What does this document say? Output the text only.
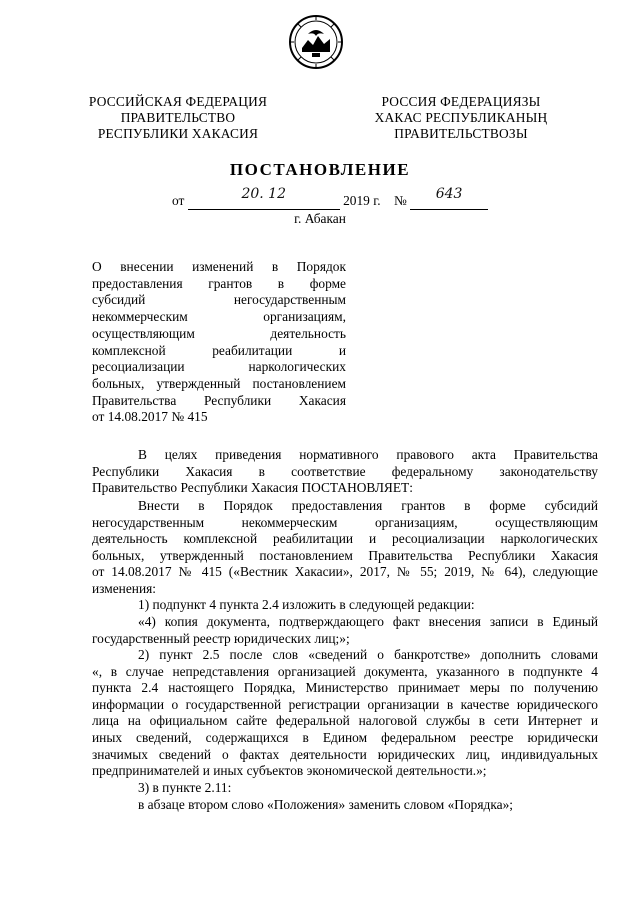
РОССИЙСКАЯ ФЕДЕРАЦИЯ
ПРАВИТЕЛЬСТВО
РЕСПУБЛИКИ ХАКАСИЯ
РОССИЯ ФЕДЕРАЦИЯЗЫ
ХАКАС РЕСПУБЛИКАНЫҢ
ПРАВИТЕЛЬСТВОЗЫ
ПОСТАНОВЛЕНИЕ
от	20. 12	2019 г. №	643

г. Абакан
О внесении изменений в Порядок
предоставления грантов в форме
субсидий негосударственным
некоммерческим организациям,
осуществляющим деятельность
комплексной реабилитации и
ресоциализации наркологических
больных, утвержденный постановлением
Правительства Республики Хакасия
от 14.08.2017 № 415
В целях приведения нормативного правового акта Правительства
Республики Хакасия в соответствие федеральному законодательству
Правительство Республики Хакасия ПОСТАНОВЛЯЕТ:
Внести в Порядок предоставления грантов в форме субсидий
негосударственным некоммерческим организациям, осуществляющим
деятельность комплексной реабилитации и ресоциализации наркологических
больных, утвержденный постановлением Правительства Республики Хакасия
от 14.08.2017 № 415 («Вестник Хакасии», 2017, № 55; 2019, № 64), следующие
изменения:
1) подпункт 4 пункта 2.4 изложить в следующей редакции:
«4) копия документа, подтверждающего факт внесения записи в Единый
государственный реестр юридических лиц;»;
2) пункт 2.5 после слов «сведений о банкротстве» дополнить словами
«, в случае непредставления организацией документа, указанного в подпункте 4
пункта 2.4 настоящего Порядка, Министерство принимает меры по получению
информации о государственной регистрации организации в качестве юридического
лица на официальном сайте федеральной налоговой службы в сети Интернет и
иных сведений, содержащихся в Едином федеральном реестре юридически
значимых сведений о фактах деятельности юридических лиц, индивидуальных
предпринимателей и иных субъектов экономической деятельности.»;
3) в пункте 2.11:
в абзаце втором слово «Положения» заменить словом «Порядка»;
